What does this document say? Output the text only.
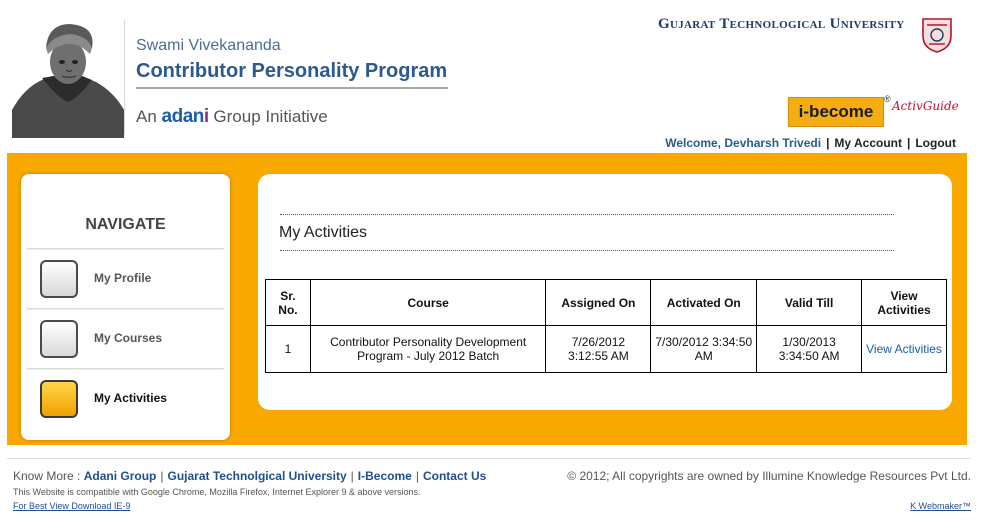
Swami Vivekananda
Contributor Personality Program
An adani Group Initiative
Gujarat Technological University
i-become
® ActivGuide
Welcome, Devharsh Trivedi | My Account | Logout
NAVIGATE
My Profile
My Courses
My Activities
My Activities
Sr. No.	Course	Assigned On	Activated On	Valid Till	View Activities
1	Contributor Personality Development Program - July 2012 Batch	7/26/2012 3:12:55 AM	7/30/2012 3:34:50 AM	1/30/2013 3:34:50 AM	View Activities
Know More : Adani Group | Gujarat Technolgical University | I-Become | Contact Us	© 2012; All copyrights are owned by Illumine Knowledge Resources Pvt Ltd.
This Website is compatible with Google Chrome, Mozilla Firefox, Internet Explorer 9 & above versions.
For Best View Download IE-9	K Webmaker™
